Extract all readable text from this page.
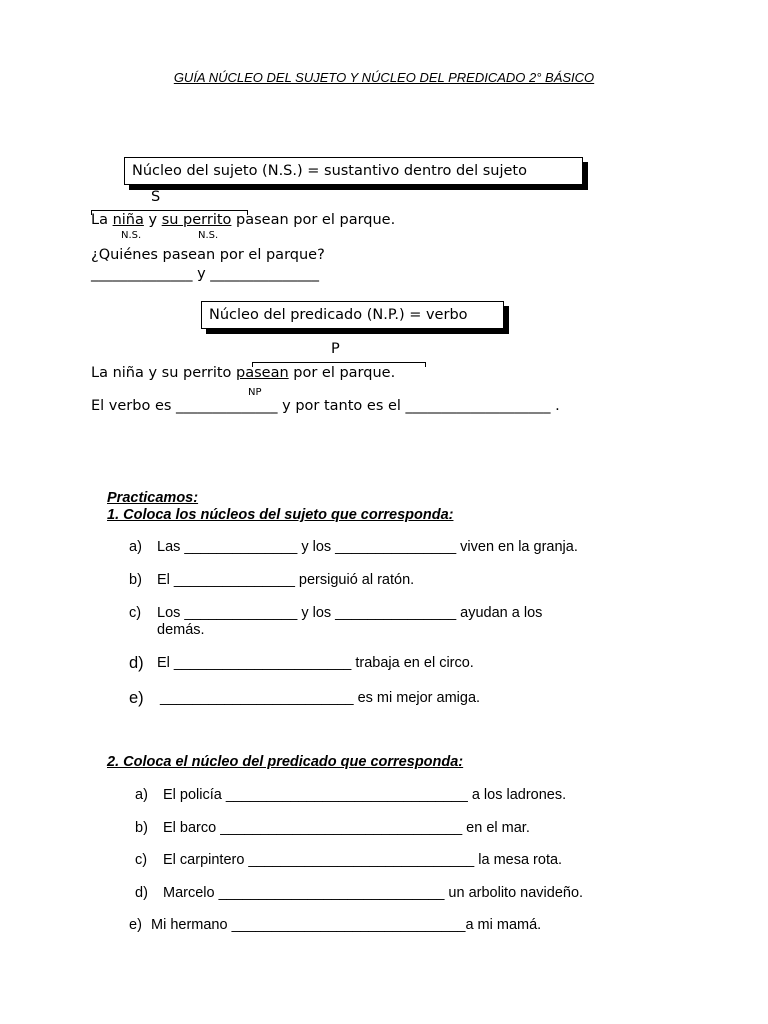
GUÍA NÚCLEO DEL SUJETO Y NÚCLEO DEL PREDICADO 2° BÁSICO
Núcleo del sujeto (N.S.) = sustantivo dentro del sujeto
S
La niña y su perrito pasean por el parque.
N.S.	N.S.
¿Quiénes pasean por el parque?
______________ y _______________
Núcleo del predicado (N.P.) = verbo
P
La niña y su perrito pasean por el parque.
NP
El verbo es ______________ y por tanto es el ____________________ .
Practicamos:
1. Coloca los núcleos del sujeto que corresponda:
a) Las ______________ y los _______________ viven en la granja.
b) El _______________ persiguió al ratón.
c) Los ______________ y los _______________ ayudan a los
demás.
d) El ______________________ trabaja en el circo.
e) ________________________ es mi mejor amiga.
2. Coloca el núcleo del predicado que corresponda:
a) El policía ______________________________ a los ladrones.
b) El barco ______________________________ en el mar.
c) El carpintero ____________________________ la mesa rota.
d) Marcelo ____________________________ un arbolito navideño.
e) Mi hermano _____________________________a mi mamá.
